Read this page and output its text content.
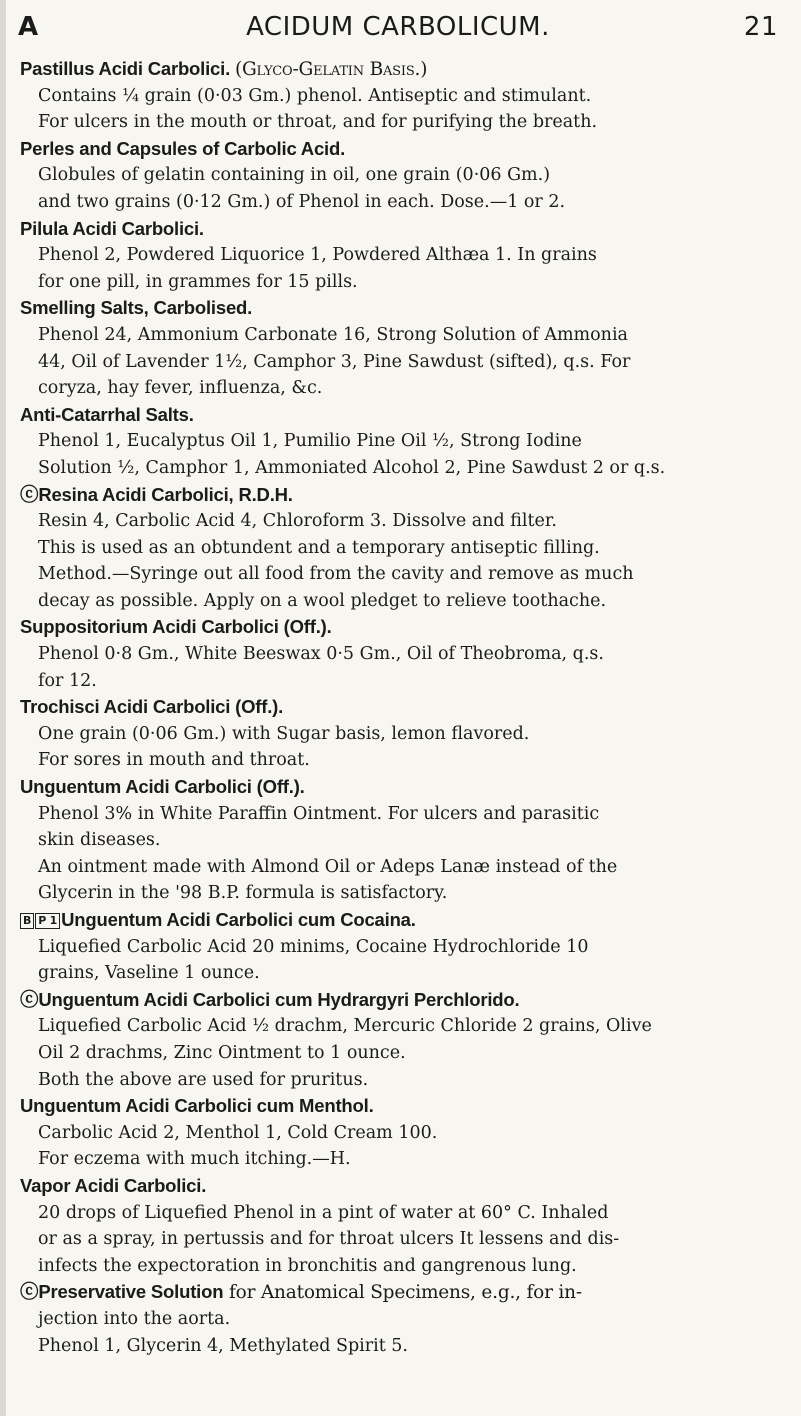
A	ACIDUM CARBOLICUM.	21
Pastillus Acidi Carbolici. (Glyco-Gelatin Basis.)
Contains ¼ grain (0·03 Gm.) phenol. Antiseptic and stimulant.
For ulcers in the mouth or throat, and for purifying the breath.
Perles and Capsules of Carbolic Acid.
Globules of gelatin containing in oil, one grain (0·06 Gm.)
and two grains (0·12 Gm.) of Phenol in each. Dose.—1 or 2.
Pilula Acidi Carbolici.
Phenol 2, Powdered Liquorice 1, Powdered Althæa 1. In grains
for one pill, in grammes for 15 pills.
Smelling Salts, Carbolised.
Phenol 24, Ammonium Carbonate 16, Strong Solution of Ammonia
44, Oil of Lavender 1½, Camphor 3, Pine Sawdust (sifted), q.s. For
coryza, hay fever, influenza, &c.
Anti-Catarrhal Salts.
Phenol 1, Eucalyptus Oil 1, Pumilio Pine Oil ½, Strong Iodine
Solution ½, Camphor 1, Ammoniated Alcohol 2, Pine Sawdust 2 or q.s.
ⓒResina Acidi Carbolici, R.D.H.
Resin 4, Carbolic Acid 4, Chloroform 3. Dissolve and filter.
This is used as an obtundent and a temporary antiseptic filling.
Method.—Syringe out all food from the cavity and remove as much
decay as possible. Apply on a wool pledget to relieve toothache.
Suppositorium Acidi Carbolici (Off.).
Phenol 0·8 Gm., White Beeswax 0·5 Gm., Oil of Theobroma, q.s.
for 12.
Trochisci Acidi Carbolici (Off.).
One grain (0·06 Gm.) with Sugar basis, lemon flavored.
For sores in mouth and throat.
Unguentum Acidi Carbolici (Off.).
Phenol 3% in White Paraffin Ointment. For ulcers and parasitic
skin diseases.
An ointment made with Almond Oil or Adeps Lanæ instead of the
Glycerin in the '98 B.P. formula is satisfactory.
B P 1 Unguentum Acidi Carbolici cum Cocaina.
Liquefied Carbolic Acid 20 minims, Cocaine Hydrochloride 10
grains, Vaseline 1 ounce.
ⓒUnguentum Acidi Carbolici cum Hydrargyri Perchlorido.
Liquefied Carbolic Acid ½ drachm, Mercuric Chloride 2 grains, Olive
Oil 2 drachms, Zinc Ointment to 1 ounce.
Both the above are used for pruritus.
Unguentum Acidi Carbolici cum Menthol.
Carbolic Acid 2, Menthol 1, Cold Cream 100.
For eczema with much itching.—H.
Vapor Acidi Carbolici.
20 drops of Liquefied Phenol in a pint of water at 60° C. Inhaled
or as a spray, in pertussis and for throat ulcers It lessens and dis-
infects the expectoration in bronchitis and gangrenous lung.
ⓒPreservative Solution for Anatomical Specimens, e.g., for in-
jection into the aorta.
Phenol 1, Glycerin 4, Methylated Spirit 5.
